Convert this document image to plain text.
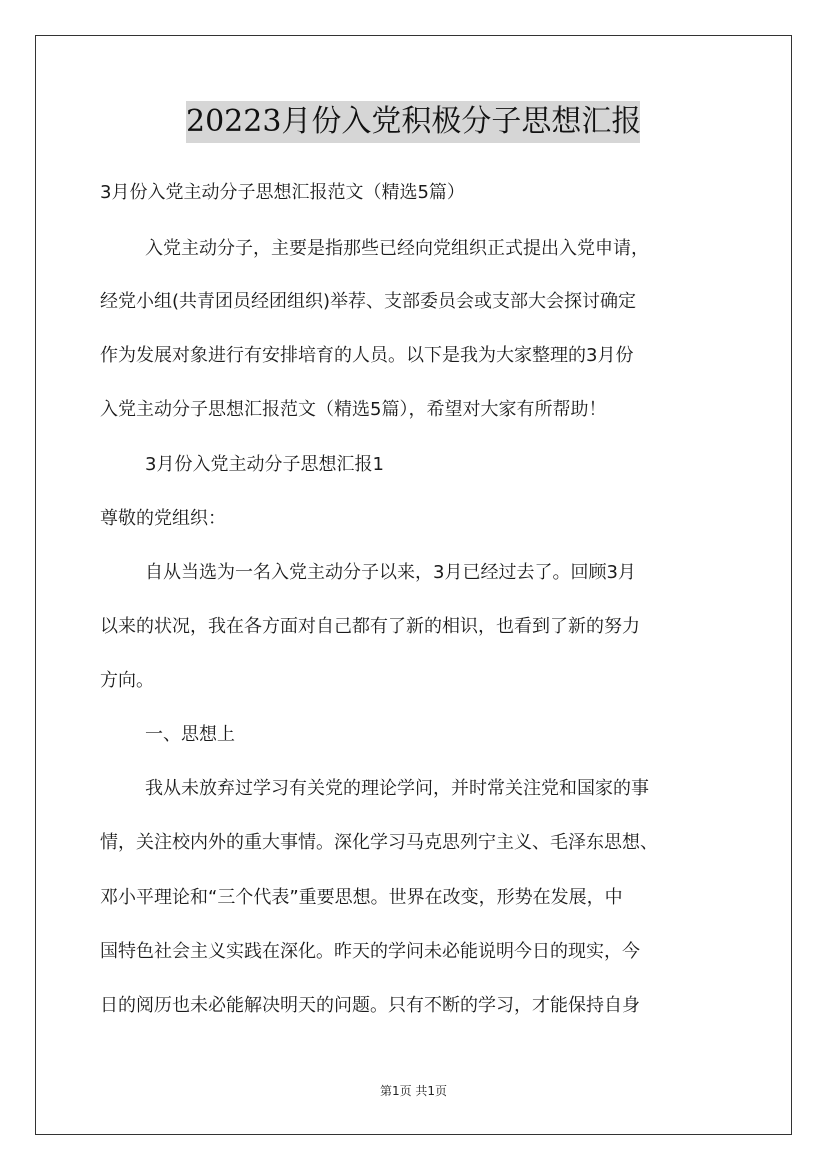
20223月份入党积极分子思想汇报
3月份入党主动分子思想汇报范文（精选5篇）
入党主动分子，主要是指那些已经向党组织正式提出入党申请，
经党小组(共青团员经团组织)举荐、支部委员会或支部大会探讨确定
作为发展对象进行有安排培育的人员。以下是我为大家整理的3月份
入党主动分子思想汇报范文（精选5篇），希望对大家有所帮助！
3月份入党主动分子思想汇报1
尊敬的党组织：
自从当选为一名入党主动分子以来，3月已经过去了。回顾3月
以来的状况，我在各方面对自己都有了新的相识，也看到了新的努力
方向。
一、思想上
我从未放弃过学习有关党的理论学问，并时常关注党和国家的事
情，关注校内外的重大事情。深化学习马克思列宁主义、毛泽东思想、
邓小平理论和“三个代表”重要思想。世界在改变，形势在发展，中
国特色社会主义实践在深化。昨天的学问未必能说明今日的现实，今
日的阅历也未必能解决明天的问题。只有不断的学习，才能保持自身
第1页 共1页
